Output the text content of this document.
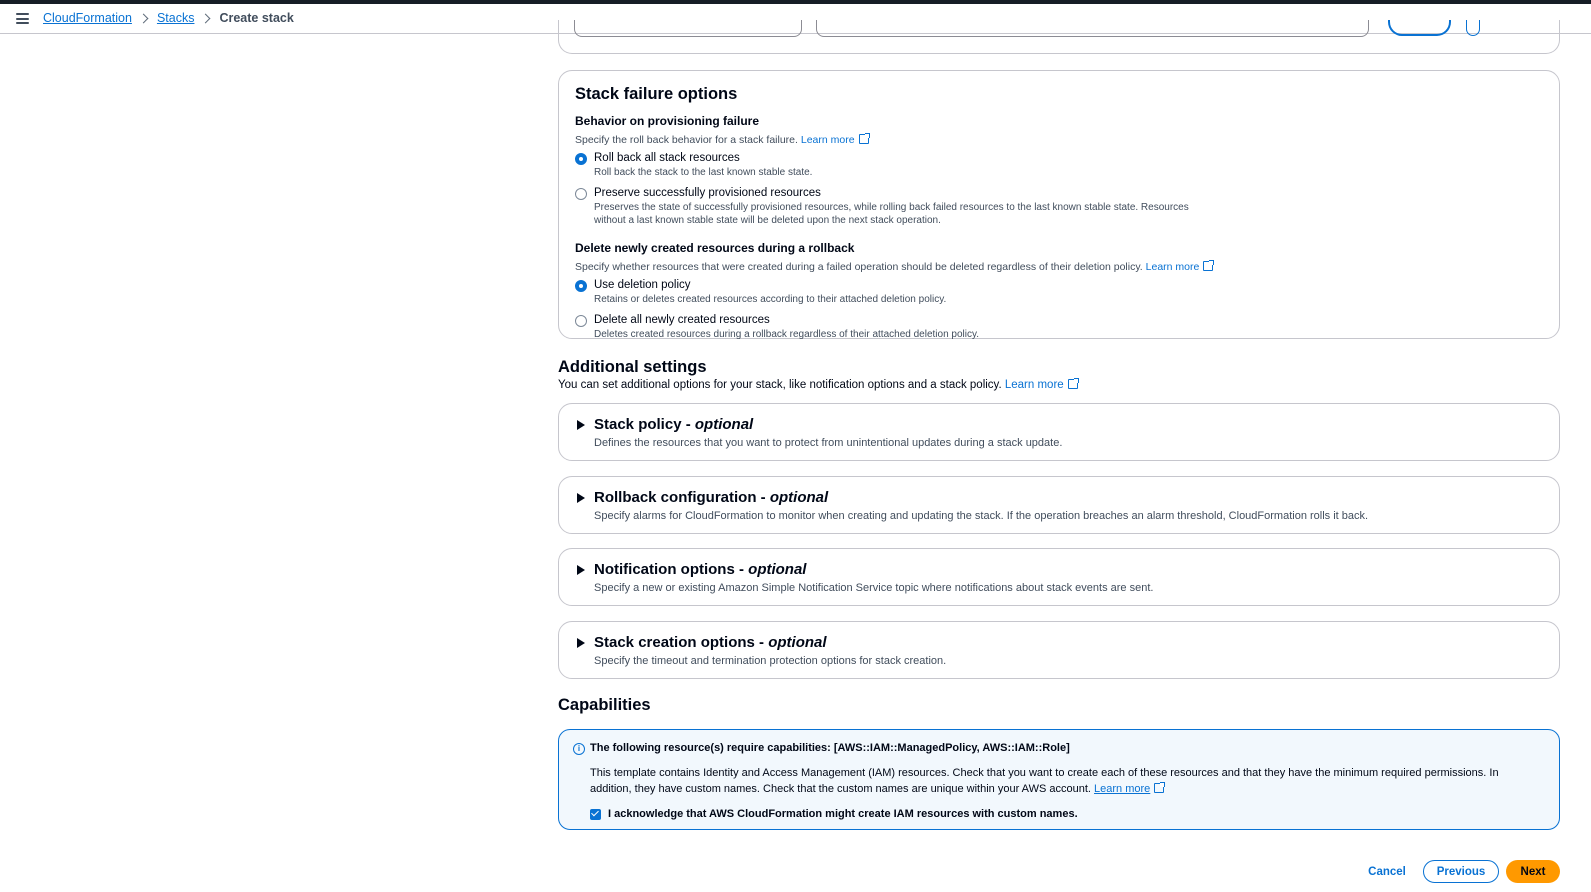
CloudFormation Stacks Create stack
Stack failure options
Behavior on provisioning failure
Specify the roll back behavior for a stack failure. Learn more
Roll back all stack resources
Roll back the stack to the last known stable state.
Preserve successfully provisioned resources
Preserves the state of successfully provisioned resources, while rolling back failed resources to the last known stable state. Resources without a last known stable state will be deleted upon the next stack operation.
Delete newly created resources during a rollback
Specify whether resources that were created during a failed operation should be deleted regardless of their deletion policy. Learn more
Use deletion policy
Retains or deletes created resources according to their attached deletion policy.
Delete all newly created resources
Deletes created resources during a rollback regardless of their attached deletion policy.
Additional settings
You can set additional options for your stack, like notification options and a stack policy. Learn more
Stack policy - optional
Defines the resources that you want to protect from unintentional updates during a stack update.
Rollback configuration - optional
Specify alarms for CloudFormation to monitor when creating and updating the stack. If the operation breaches an alarm threshold, CloudFormation rolls it back.
Notification options - optional
Specify a new or existing Amazon Simple Notification Service topic where notifications about stack events are sent.
Stack creation options - optional
Specify the timeout and termination protection options for stack creation.
Capabilities
i The following resource(s) require capabilities: [AWS::IAM::ManagedPolicy, AWS::IAM::Role]
This template contains Identity and Access Management (IAM) resources. Check that you want to create each of these resources and that they have the minimum required permissions. In addition, they have custom names. Check that the custom names are unique within your AWS account. Learn more
I acknowledge that AWS CloudFormation might create IAM resources with custom names.
Cancel	Previous	Next
